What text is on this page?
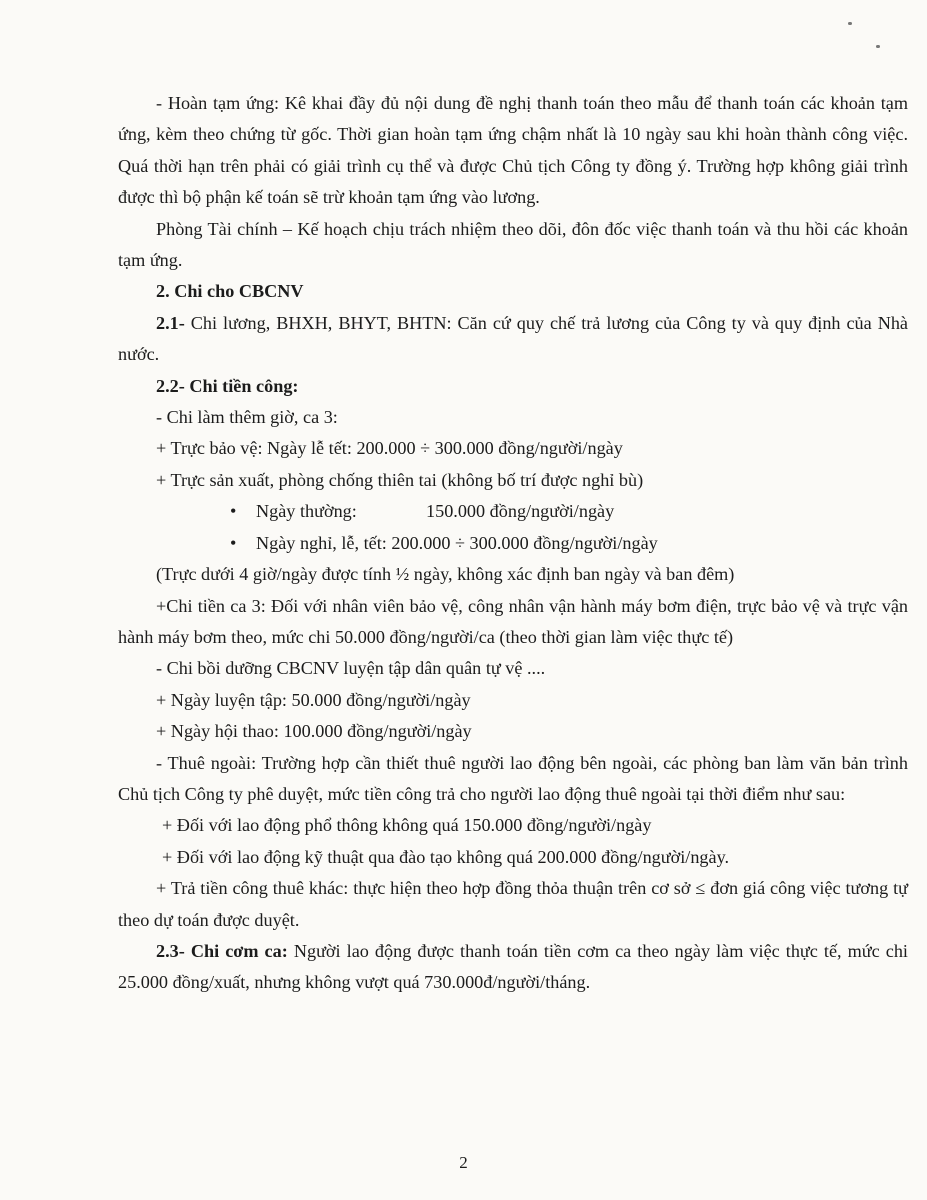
- Hoàn tạm ứng: Kê khai đầy đủ nội dung đề nghị thanh toán theo mẫu để thanh toán các khoản tạm ứng, kèm theo chứng từ gốc. Thời gian hoàn tạm ứng chậm nhất là 10 ngày sau khi hoàn thành công việc. Quá thời hạn trên phải có giải trình cụ thể và được Chủ tịch Công ty đồng ý. Trường hợp không giải trình được thì bộ phận kế toán sẽ trừ khoản tạm ứng vào lương.

Phòng Tài chính – Kế hoạch chịu trách nhiệm theo dõi, đôn đốc việc thanh toán và thu hồi các khoản tạm ứng.

2. Chi cho CBCNV

2.1- Chi lương, BHXH, BHYT, BHTN: Căn cứ quy chế trả lương của Công ty và quy định của Nhà nước.

2.2- Chi tiền công:

- Chi làm thêm giờ, ca 3:

+ Trực bảo vệ: Ngày lễ tết: 200.000 ÷ 300.000 đồng/người/ngày

+ Trực sản xuất, phòng chống thiên tai (không bố trí được nghỉ bù)

•	Ngày thường:	150.000 đồng/người/ngày
•	Ngày nghỉ, lễ, tết: 200.000 ÷ 300.000 đồng/người/ngày

(Trực dưới 4 giờ/ngày được tính ½ ngày, không xác định ban ngày và ban đêm)

+Chi tiền ca 3: Đối với nhân viên bảo vệ, công nhân vận hành máy bơm điện, trực bảo vệ và trực vận hành máy bơm theo, mức chi 50.000 đồng/người/ca (theo thời gian làm việc thực tế)

- Chi bồi dưỡng CBCNV luyện tập dân quân tự vệ ....

+ Ngày luyện tập: 50.000 đồng/người/ngày

+ Ngày hội thao: 100.000 đồng/người/ngày

- Thuê ngoài: Trường hợp cần thiết thuê người lao động bên ngoài, các phòng ban làm văn bản trình Chủ tịch Công ty phê duyệt, mức tiền công trả cho người lao động thuê ngoài tại thời điểm như sau:

+ Đối với lao động phổ thông không quá 150.000 đồng/người/ngày

+ Đối với lao động kỹ thuật qua đào tạo không quá 200.000 đồng/người/ngày.

+ Trả tiền công thuê khác: thực hiện theo hợp đồng thỏa thuận trên cơ sở ≤ đơn giá công việc tương tự theo dự toán được duyệt.

2.3- Chi cơm ca: Người lao động được thanh toán tiền cơm ca theo ngày làm việc thực tế, mức chi 25.000 đồng/xuất, nhưng không vượt quá 730.000đ/người/tháng.

2
